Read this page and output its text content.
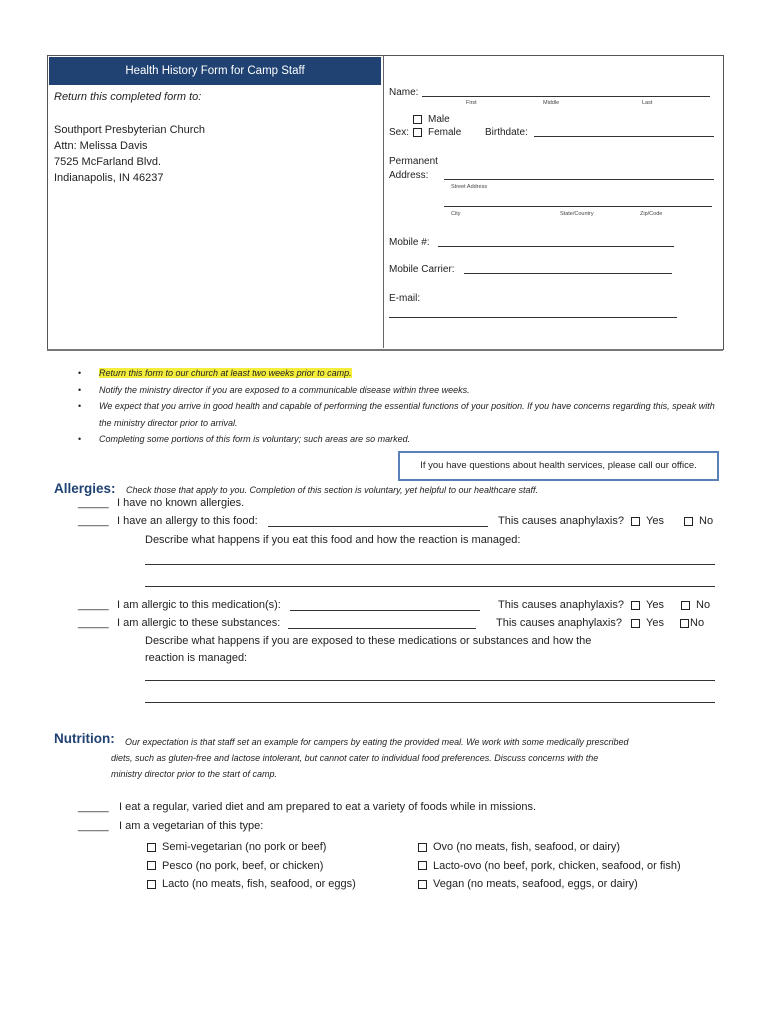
Health History Form for Camp Staff
Return this completed form to:
Southport Presbyterian Church
Attn: Melissa Davis
7525 McFarland Blvd.
Indianapolis, IN 46237
Name:
First	Middle	Last
Male
Sex:	Female Birthdate:
Permanent
Address:
Street Address
City	State/Country	Zip/Code
Mobile #:
Mobile Carrier:
E-mail:
• Return this form to our church at least two weeks prior to camp.
• Notify the ministry director if you are exposed to a communicable disease within three weeks.
• We expect that you arrive in good health and capable of performing the essential functions of your position. If you have concerns regarding this, speak with the ministry director prior to arrival.
• Completing some portions of this form is voluntary; such areas are so marked.
If you have questions about health services, please call our office.
Allergies: Check those that apply to you. Completion of this section is voluntary, yet helpful to our healthcare staff.
_____ I have no known allergies.
_____ I have an allergy to this food:	This causes anaphylaxis?	Yes	No
Describe what happens if you eat this food and how the reaction is managed:
_____ I am allergic to this medication(s):	This causes anaphylaxis?	Yes	No
_____ I am allergic to these substances:	This causes anaphylaxis?	Yes	No
Describe what happens if you are exposed to these medications or substances and how the
reaction is managed:
Nutrition: Our expectation is that staff set an example for campers by eating the provided meal. We work with some medically prescribed
diets, such as gluten-free and lactose intolerant, but cannot cater to individual food preferences. Discuss concerns with the
ministry director prior to the start of camp.
_____ I eat a regular, varied diet and am prepared to eat a variety of foods while in missions.
_____ I am a vegetarian of this type:
Semi-vegetarian (no pork or beef)
Pesco (no pork, beef, or chicken)
Lacto (no meats, fish, seafood, or eggs)
Ovo (no meats, fish, seafood, or dairy)
Lacto-ovo (no beef, pork, chicken, seafood, or fish)
Vegan (no meats, seafood, eggs, or dairy)
